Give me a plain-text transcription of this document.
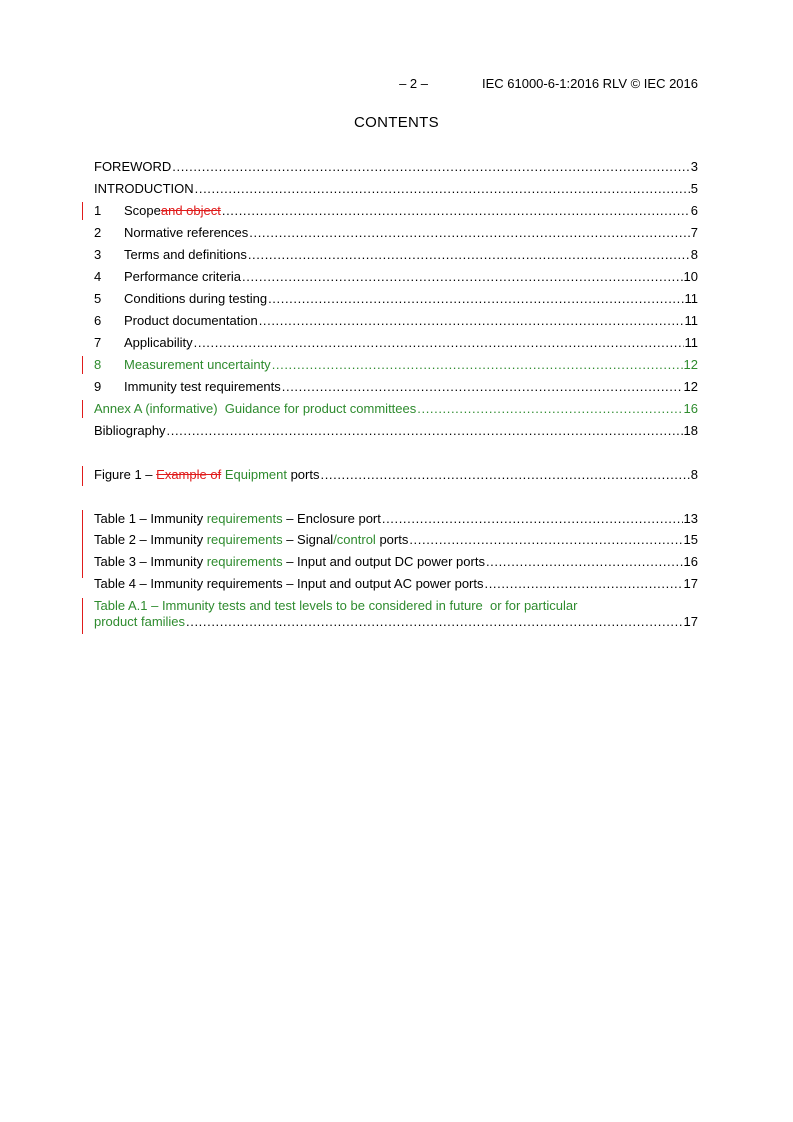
– 2 –	IEC 61000-6-1:2016 RLV © IEC 2016
CONTENTS
FOREWORD .....	3
INTRODUCTION .....	5
1	Scope and object .....	6
2	Normative references .....	7
3	Terms and definitions .....	8
4	Performance criteria .....	10
5	Conditions during testing .....	11
6	Product documentation .....	11
7	Applicability .....	11
8	Measurement uncertainty .....	12
9	Immunity test requirements .....	12
Annex A (informative)  Guidance for product committees .....	16
Bibliography .....	18
Figure 1 – Example of Equipment ports .....	8
Table 1 – Immunity requirements – Enclosure port .....	13
Table 2 – Immunity requirements – Signal /control ports .....	15
Table 3 – Immunity requirements – Input and output DC power ports .....	16
Table 4 – Immunity requirements – Input and output AC power ports .....	17
Table A.1 – Immunity tests and test levels to be considered in future  or for particular
product families .....	17
